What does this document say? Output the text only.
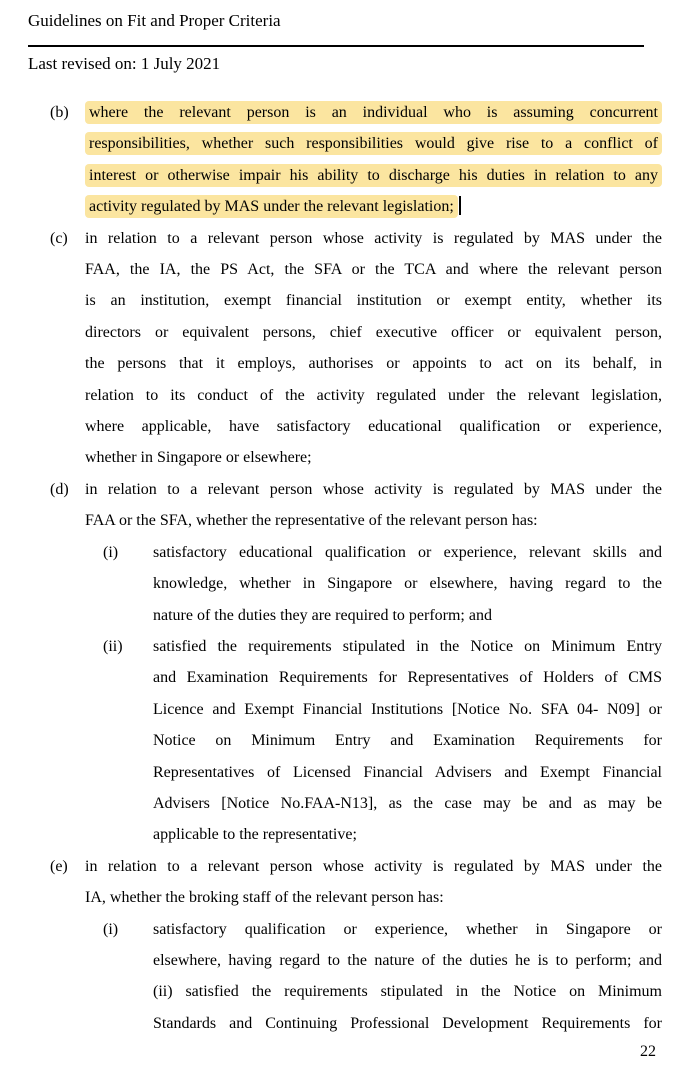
Guidelines on Fit and Proper Criteria
Last revised on: 1 July 2021
(b) where the relevant person is an individual who is assuming concurrent
responsibilities, whether such responsibilities would give rise to a conflict of
interest or otherwise impair his ability to discharge his duties in relation to any
activity regulated by MAS under the relevant legislation;
(c) in relation to a relevant person whose activity is regulated by MAS under the
FAA, the IA, the PS Act, the SFA or the TCA and where the relevant person
is an institution, exempt financial institution or exempt entity, whether its
directors or equivalent persons, chief executive officer or equivalent person,
the persons that it employs, authorises or appoints to act on its behalf, in
relation to its conduct of the activity regulated under the relevant legislation,
where applicable, have satisfactory educational qualification or experience,
whether in Singapore or elsewhere;
(d) in relation to a relevant person whose activity is regulated by MAS under the
FAA or the SFA, whether the representative of the relevant person has:
(i) satisfactory educational qualification or experience, relevant skills and
knowledge, whether in Singapore or elsewhere, having regard to the
nature of the duties they are required to perform; and
(ii) satisfied the requirements stipulated in the Notice on Minimum Entry
and Examination Requirements for Representatives of Holders of CMS
Licence and Exempt Financial Institutions [Notice No. SFA 04- N09] or
Notice on Minimum Entry and Examination Requirements for
Representatives of Licensed Financial Advisers and Exempt Financial
Advisers [Notice No.FAA-N13], as the case may be and as may be
applicable to the representative;
(e) in relation to a relevant person whose activity is regulated by MAS under the
IA, whether the broking staff of the relevant person has:
(i) satisfactory qualification or experience, whether in Singapore or
elsewhere, having regard to the nature of the duties he is to perform; and
(ii) satisfied the requirements stipulated in the Notice on Minimum
Standards and Continuing Professional Development Requirements for
22
